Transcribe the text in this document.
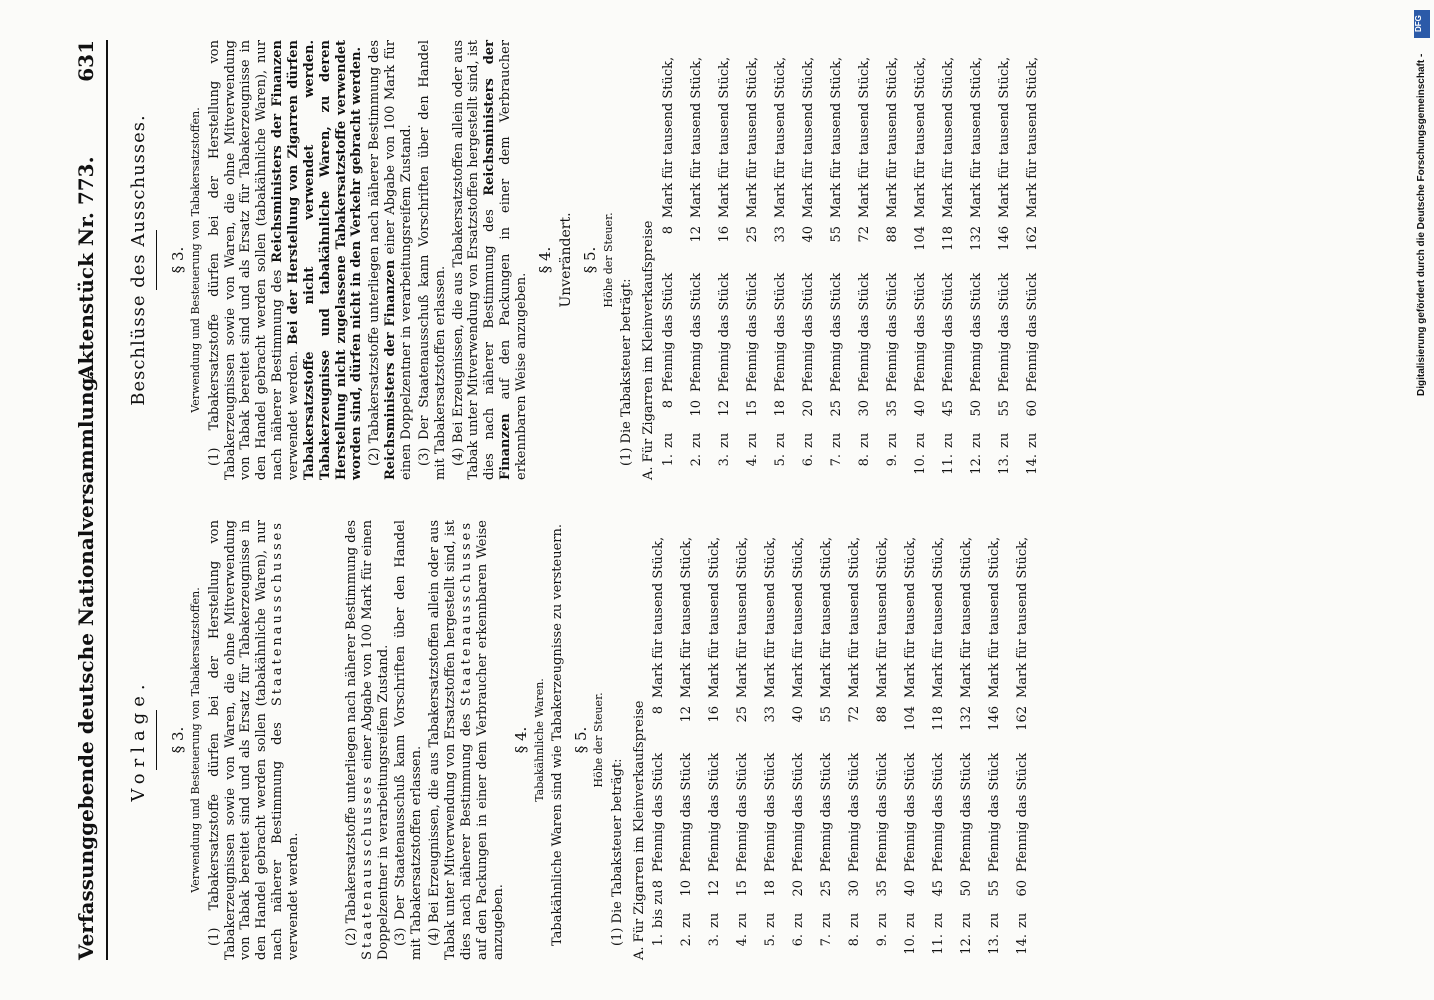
Verfassunggebende deutsche Nationalversammlung.
Aktenstück Nr. 773.
631
Vorlage. § 3. Verwendung und Besteuerung von Tabakersatzstoffen. (1) Tabakersatzstoffe dürfen bei der Herstellung von Tabakerzeugnissen sowie von Waren, die ohne Mitverwendung von Tabak bereitet sind und als Ersatz für Tabakerzeugnisse in den Handel gebracht werden sollen (tabakähnliche Waren), nur nach näherer Bestimmung des Staatenausschusses verwendet werden.	(2) Tabakersatzstoffe unterliegen nach näherer Bestimmung des Staatenausschusses einer Abgabe von 100 Mark für einen Doppelzentner in verarbeitungsreifem Zustand. (3) Der Staatenausschuß kann Vorschriften über den Handel mit Tabakersatzstoffen erlassen. (4) Bei Erzeugnissen, die aus Tabakersatzstoffen allein oder aus Tabak unter Mitverwendung von Ersatzstoffen hergestellt sind, ist dies nach näherer Bestimmung des Staatenausschusses auf den Packungen in einer dem Verbraucher erkennbaren Weise anzugeben.

§ 4. Tabakähnliche Waren. Tabakähnliche Waren sind wie Tabakerzeugnisse zu versteuern. § 5. Höhe der Steuer.

(1) Die Tabaksteuer beträgt: A. Für Zigarren im Kleinverkaufspreise 1.
bis zu
8
Pfennig das Stück
8
Mark für tausend Stück,
2.
zu
10
Pfennig das Stück
12
Mark für tausend Stück,
3.
zu
12
Pfennig das Stück
16
Mark für tausend Stück,
4.
zu
15
Pfennig das Stück
25
Mark für tausend Stück,
5.
zu
18
Pfennig das Stück
33
Mark für tausend Stück,
6.
zu
20
Pfennig das Stück
40
Mark für tausend Stück,
7.
zu
25
Pfennig das Stück
55
Mark für tausend Stück,
8.
zu
30
Pfennig das Stück
72
Mark für tausend Stück,
9.
zu
35
Pfennig das Stück
88
Mark für tausend Stück,
10.
zu
40
Pfennig das Stück
104
Mark für tausend Stück,
11.
zu
45
Pfennig das Stück
118
Mark für tausend Stück,
12.
zu
50
Pfennig das Stück
132
Mark für tausend Stück,
13.
zu
55
Pfennig das Stück
146
Mark für tausend Stück,
14.
zu
60
Pfennig das Stück
162
Mark für tausend Stück,
Beschlüsse des Ausschusses. § 3. Verwendung und Besteuerung von Tabakersatzstoffen. (1) Tabakersatzstoffe dürfen bei der Herstellung von Tabakerzeugnissen sowie von Waren, die ohne Mitverwendung von Tabak bereitet sind und als Ersatz für Tabakerzeugnisse in den Handel gebracht werden sollen (tabakähnliche Waren), nur nach näherer Bestimmung des Reichsministers der Finanzen verwendet werden. Bei der Herstellung von Zigarren dürfen Tabakersatzstoffe nicht verwendet werden. Tabakerzeugnisse und tabakähnliche Waren, zu deren Herstellung nicht zugelassene Tabakersatzstoffe verwendet worden sind, dürfen nicht in den Verkehr gebracht werden. (2) Tabakersatzstoffe unterliegen nach näherer Bestimmung des Reichsministers der Finanzen einer Abgabe von 100 Mark für einen Doppelzentner in verarbeitungsreifem Zustand. (3) Der Staatenausschuß kann Vorschriften über den Handel mit Tabakersatzstoffen erlassen. (4) Bei Erzeugnissen, die aus Tabakersatzstoffen allein oder aus Tabak unter Mitverwendung von Ersatzstoffen hergestellt sind, ist dies nach näherer Bestimmung des Reichsministers der Finanzen auf den Packungen in einer dem Verbraucher erkennbaren Weise anzugeben.

§ 4. Unverändert. § 5. Höhe der Steuer.

(1) Die Tabaksteuer beträgt: A. Für Zigarren im Kleinverkaufspreise 1.
zu
8
Pfennig das Stück
8
Mark für tausend Stück,
2.
zu
10
Pfennig das Stück
12
Mark für tausend Stück,
3.
zu
12
Pfennig das Stück
16
Mark für tausend Stück,
4.
zu
15
Pfennig das Stück
25
Mark für tausend Stück,
5.
zu
18
Pfennig das Stück
33
Mark für tausend Stück,
6.
zu
20
Pfennig das Stück
40
Mark für tausend Stück,
7.
zu
25
Pfennig das Stück
55
Mark für tausend Stück,
8.
zu
30
Pfennig das Stück
72
Mark für tausend Stück,
9.
zu
35
Pfennig das Stück
88
Mark für tausend Stück,
10.
zu
40
Pfennig das Stück
104
Mark für tausend Stück,
11.
zu
45
Pfennig das Stück
118
Mark für tausend Stück,
12.
zu
50
Pfennig das Stück
132
Mark für tausend Stück,
13.
zu
55
Pfennig das Stück
146
Mark für tausend Stück,
14.
zu
60
Pfennig das Stück
162
Mark für tausend Stück,	Digitalisierung gefördert durch die Deutsche Forschungsgemeinschaft -
DFG
